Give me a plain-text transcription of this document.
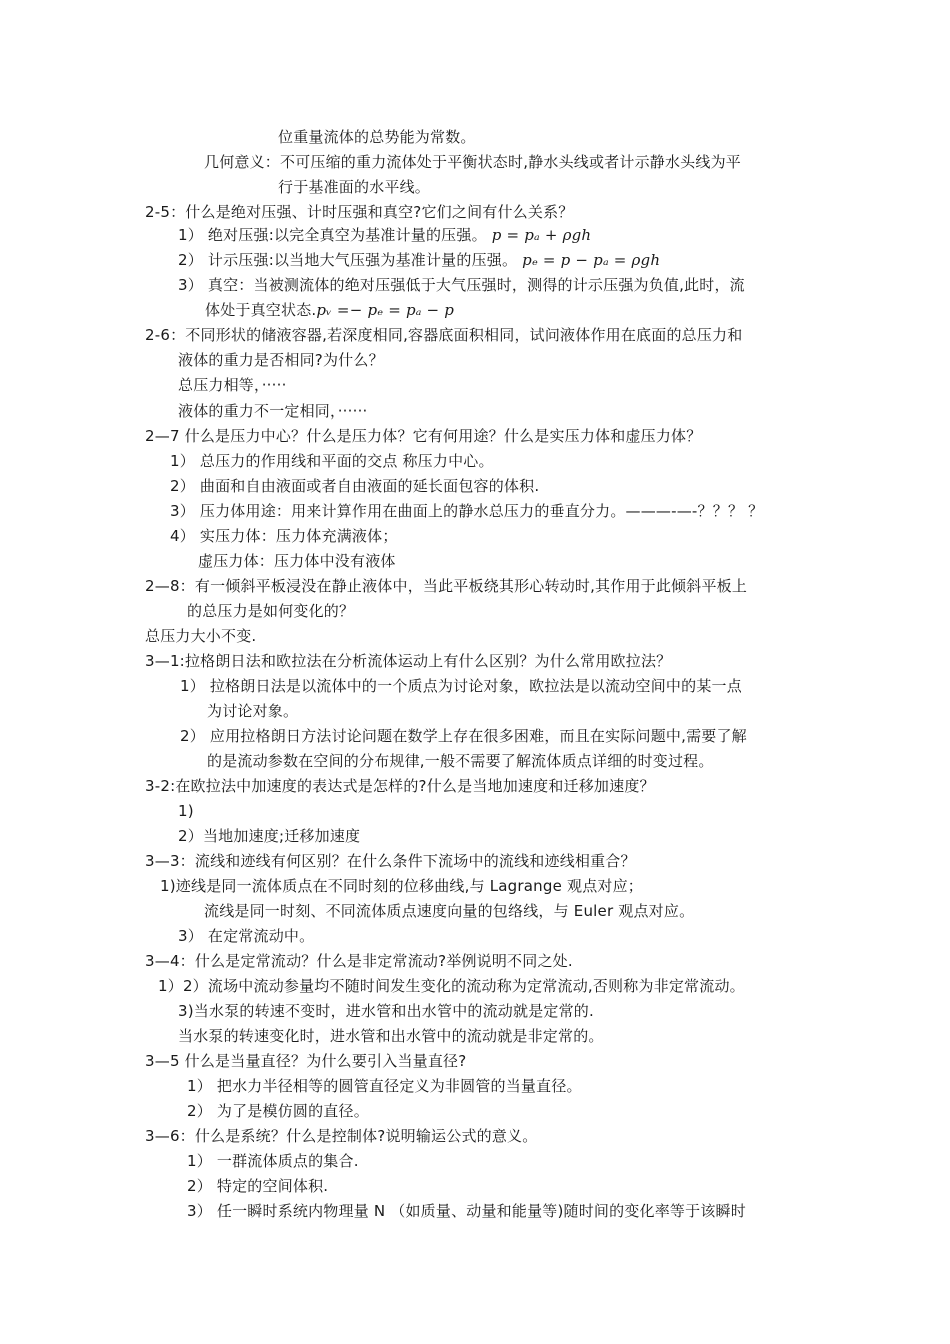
位重量流体的总势能为常数。
几何意义：不可压缩的重力流体处于平衡状态时,静水头线或者计示静水头线为平
行于基准面的水平线。
2-5：什么是绝对压强、计时压强和真空?它们之间有什么关系？
1） 绝对压强:以完全真空为基准计量的压强。 p = pₐ + ρgh
2） 计示压强:以当地大气压强为基准计量的压强。 pₑ = p − pₐ = ρgh
3） 真空：当被测流体的绝对压强低于大气压强时，测得的计示压强为负值,此时，流
体处于真空状态.pᵥ =− pₑ = pₐ − p
2-6：不同形状的储液容器,若深度相同,容器底面积相同，试问液体作用在底面的总压力和
液体的重力是否相同?为什么？
总压力相等，·····
液体的重力不一定相同，······
2—7 什么是压力中心？什么是压力体？它有何用途？什么是实压力体和虚压力体？
1） 总压力的作用线和平面的交点 称压力中心。
2） 曲面和自由液面或者自由液面的延长面包容的体积.
3） 压力体用途：用来计算作用在曲面上的静水总压力的垂直分力。———-—-？？？ ？
4） 实压力体：压力体充满液体；
虚压力体：压力体中没有液体
2—8：有一倾斜平板浸没在静止液体中，当此平板绕其形心转动时,其作用于此倾斜平板上
的总压力是如何变化的？
总压力大小不变.
3—1:拉格朗日法和欧拉法在分析流体运动上有什么区别？为什么常用欧拉法？
1） 拉格朗日法是以流体中的一个质点为讨论对象，欧拉法是以流动空间中的某一点
为讨论对象。
2） 应用拉格朗日方法讨论问题在数学上存在很多困难，而且在实际问题中,需要了解
的是流动参数在空间的分布规律,一般不需要了解流体质点详细的时变过程。
3-2:在欧拉法中加速度的表达式是怎样的?什么是当地加速度和迁移加速度？
1)
2）当地加速度;迁移加速度
3—3：流线和迹线有何区别？在什么条件下流场中的流线和迹线相重合？
1)迹线是同一流体质点在不同时刻的位移曲线,与 Lagrange 观点对应；
流线是同一时刻、不同流体质点速度向量的包络线，与 Euler 观点对应。
3） 在定常流动中。
3—4：什么是定常流动？什么是非定常流动?举例说明不同之处.
1）2）流场中流动参量均不随时间发生变化的流动称为定常流动,否则称为非定常流动。
3)当水泵的转速不变时，进水管和出水管中的流动就是定常的.
当水泵的转速变化时，进水管和出水管中的流动就是非定常的。
3—5 什么是当量直径？为什么要引入当量直径?
1） 把水力半径相等的圆管直径定义为非圆管的当量直径。
2） 为了是模仿圆的直径。
3—6：什么是系统？什么是控制体?说明输运公式的意义。
1） 一群流体质点的集合.
2） 特定的空间体积.
3） 任一瞬时系统内物理量 N （如质量、动量和能量等)随时间的变化率等于该瞬时
